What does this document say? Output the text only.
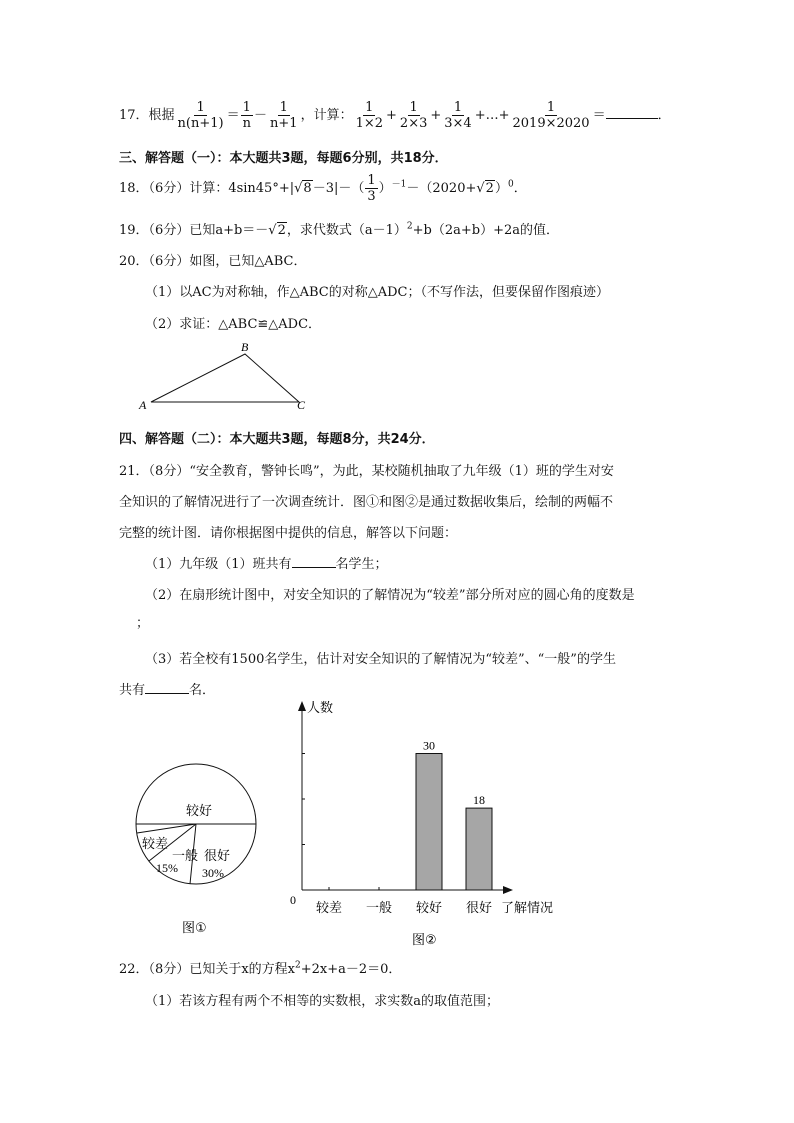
17．根据 $\frac{1}{n(n+1)} = \frac{1}{n} - \frac{1}{n+1}$ ，计算： $\frac{1}{1\times 2} + \frac{1}{2\times 3} + \frac{1}{3\times 4}$ +…+ $\frac{1}{2019\times 2020}$ ＝	．
三、解答题（一）：本大题共3题，每题6分别，共18分．
18．（6分）计算：$4\sin 45^\circ+|√8-3|-( \frac{1}{3} )^{-1}-(2020+√2)^0$．
19．（6分）已知a+b＝－√2，求代数式$(a-1)^2+b(2a+b)+2a$的值．
20．（6分）如图，已知△ABC．
（1）以AC为对称轴，作△ABC的对称△ADC；（不写作法，但要保留作图痕迹）
（2）求证：△ABC≌△ADC．
A
B
C
四、解答题（二）：本大题共3题，每题8分，共24分．
21．（8分）“安全教育，警钟长鸣”，为此，某校随机抽取了九年级（1）班的学生对安
全知识的了解情况进行了一次调查统计．图①和图②是通过数据收集后，绘制的两幅不
完整的统计图．请你根据图中提供的信息，解答以下问题：
（1）九年级（1）班共有	名学生；
（2）在扇形统计图中，对安全知识的了解情况为“较差”部分所对应的圆心角的度数是
；
（3）若全校有1500名学生，估计对安全知识的了解情况为“较差”、“一般”的学生
共有	名．
较好
较差
一般
15%
很好
30%
图①
人数
0
了解情况
较差 一般 较好
30
很好
18
图②
22．（8分）已知关于x的方程$x^2+2x+a-2=0$．
（1）若该方程有两个不相等的实数根，求实数a的取值范围；
